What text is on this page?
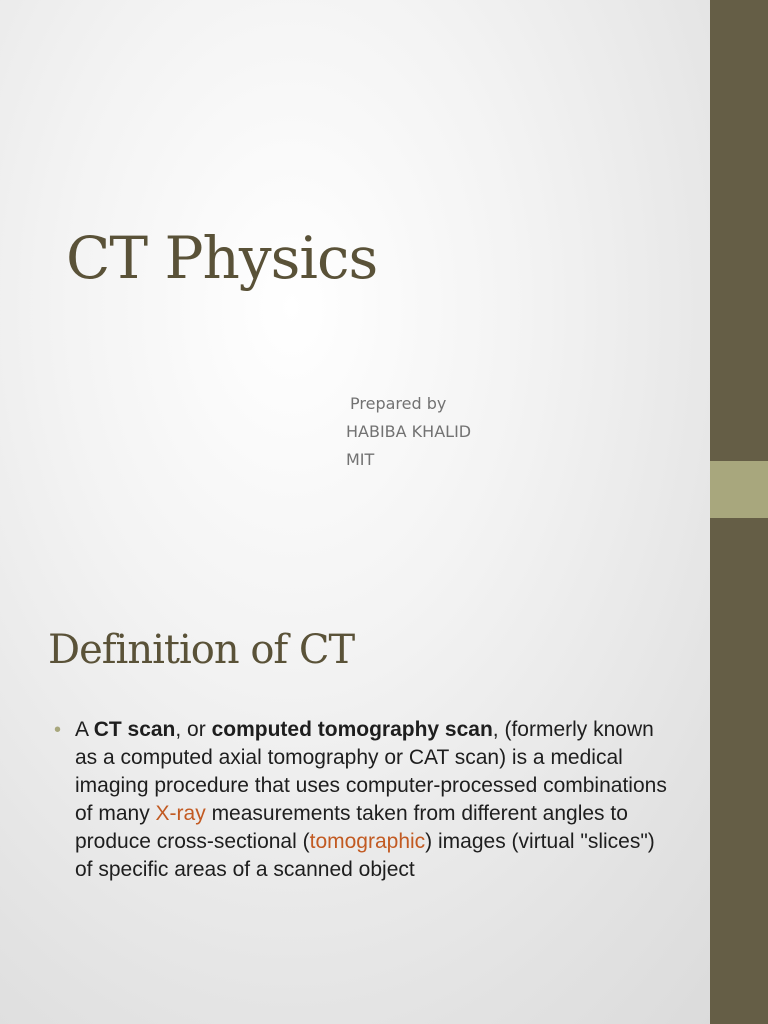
CT Physics
Prepared by
HABIBA KHALID
MIT
Definition of CT
• A CT scan, or computed tomography scan, (formerly known as a computed axial tomography or CAT scan) is a medical imaging procedure that uses computer-processed combinations of many X-ray measurements taken from different angles to produce cross-sectional (tomographic) images (virtual "slices") of specific areas of a scanned object
